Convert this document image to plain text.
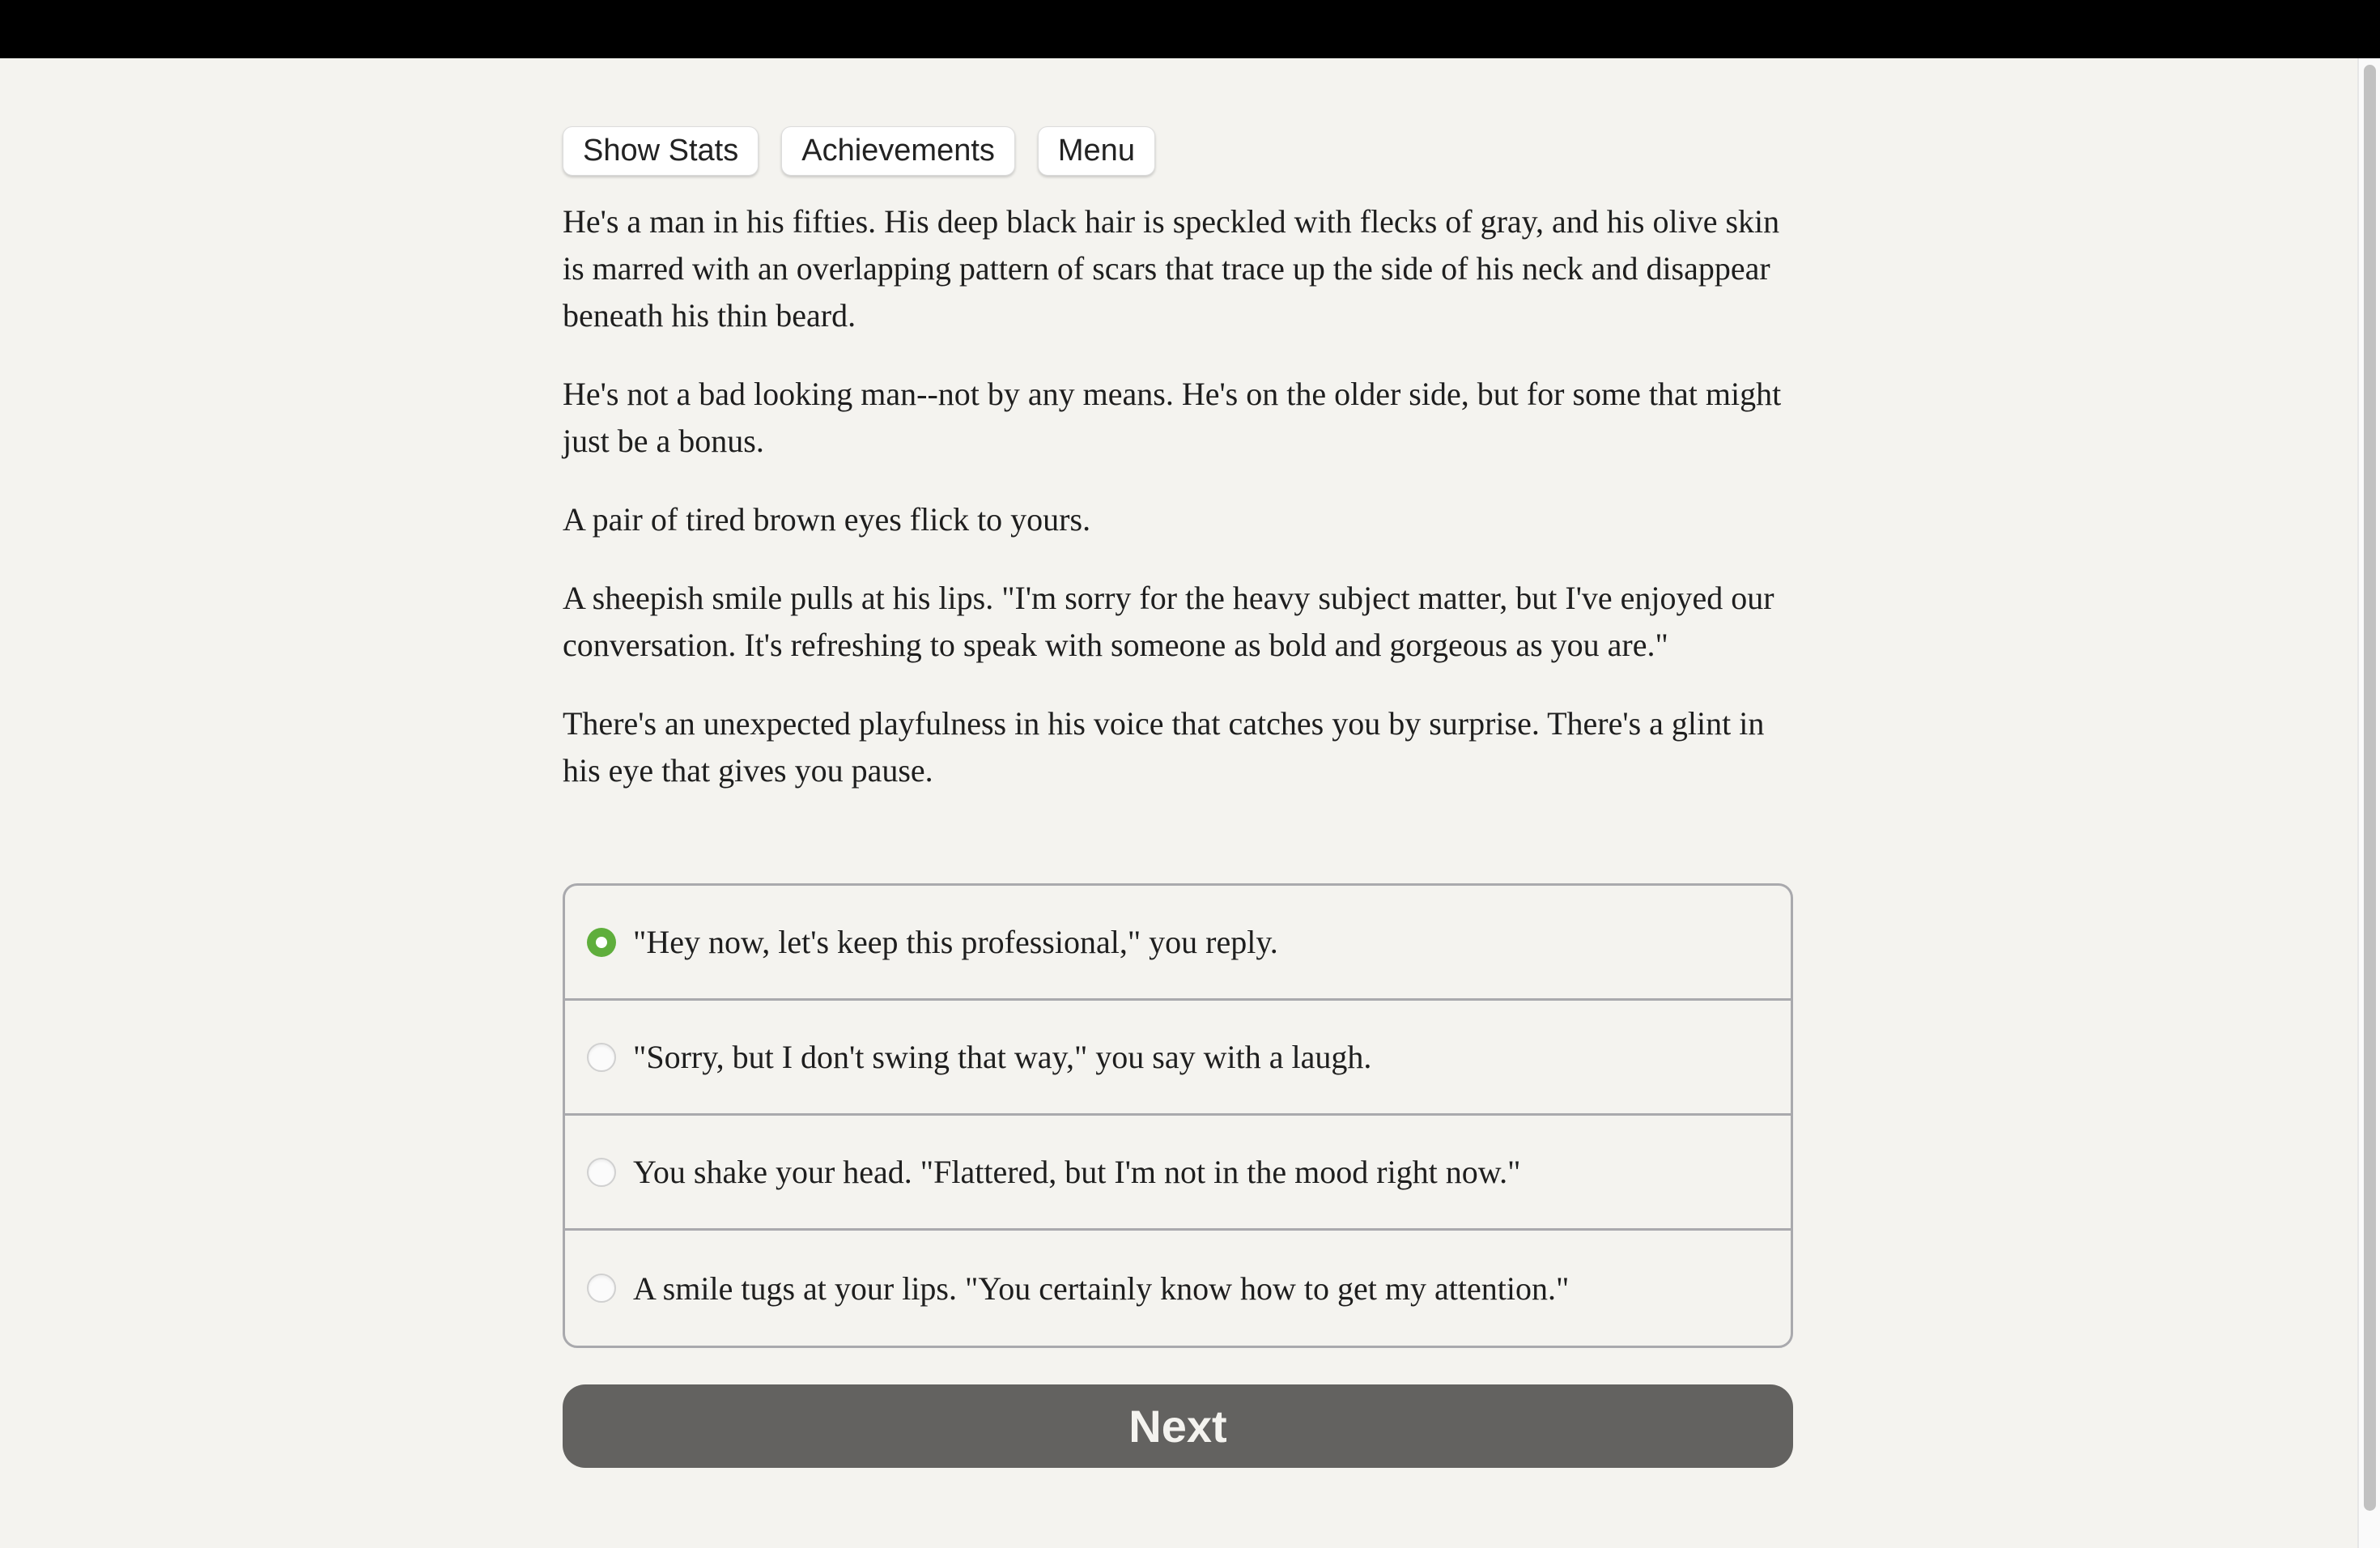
Show Stats	Achievements	Menu

He's a man in his fifties. His deep black hair is speckled with flecks of gray, and his olive skin is marred with an overlapping pattern of scars that trace up the side of his neck and disappear beneath his thin beard.

He's not a bad looking man--not by any means. He's on the older side, but for some that might just be a bonus.

A pair of tired brown eyes flick to yours.

A sheepish smile pulls at his lips. "I'm sorry for the heavy subject matter, but I've enjoyed our conversation. It's refreshing to speak with someone as bold and gorgeous as you are."

There's an unexpected playfulness in his voice that catches you by surprise. There's a glint in his eye that gives you pause.

"Hey now, let's keep this professional," you reply.
"Sorry, but I don't swing that way," you say with a laugh.
You shake your head. "Flattered, but I'm not in the mood right now."
A smile tugs at your lips. "You certainly know how to get my attention."
Next
